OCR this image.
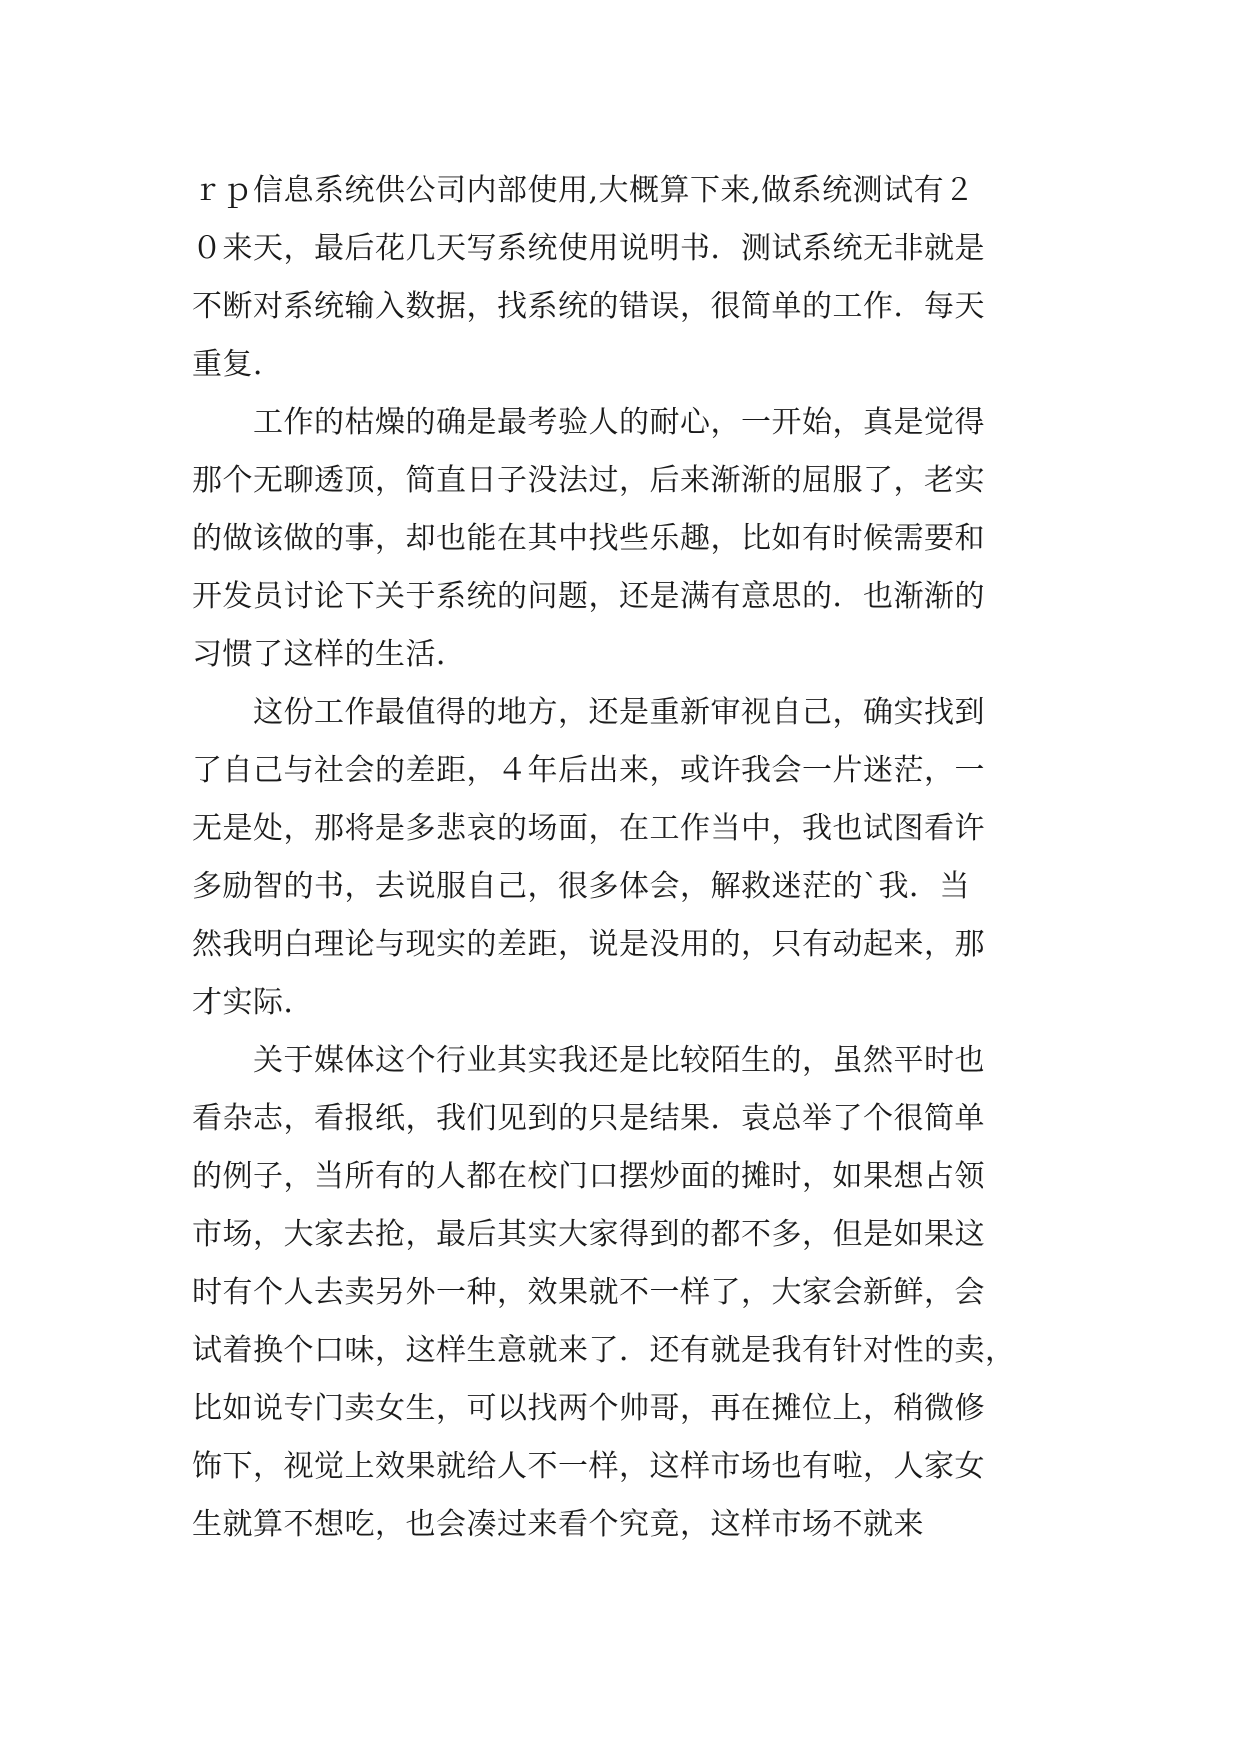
ｒｐ信息系统供公司内部使用,大概算下来,做系统测试有２
０来天，最后花几天写系统使用说明书．测试系统无非就是
不断对系统输入数据，找系统的错误，很简单的工作．每天
重复．
　　工作的枯燥的确是最考验人的耐心，一开始，真是觉得
那个无聊透顶，简直日子没法过，后来渐渐的屈服了，老实
的做该做的事，却也能在其中找些乐趣，比如有时候需要和
开发员讨论下关于系统的问题，还是满有意思的．也渐渐的
习惯了这样的生活．
　　这份工作最值得的地方，还是重新审视自己，确实找到
了自己与社会的差距，４年后出来，或许我会一片迷茫，一
无是处，那将是多悲哀的场面，在工作当中，我也试图看许
多励智的书，去说服自己，很多体会，解救迷茫的`我．当
然我明白理论与现实的差距，说是没用的，只有动起来，那
才实际．
　　关于媒体这个行业其实我还是比较陌生的，虽然平时也
看杂志，看报纸，我们见到的只是结果．袁总举了个很简单
的例子，当所有的人都在校门口摆炒面的摊时，如果想占领
市场，大家去抢，最后其实大家得到的都不多，但是如果这
时有个人去卖另外一种，效果就不一样了，大家会新鲜，会
试着换个口味，这样生意就来了．还有就是我有针对性的卖，
比如说专门卖女生，可以找两个帅哥，再在摊位上，稍微修
饰下，视觉上效果就给人不一样，这样市场也有啦，人家女
生就算不想吃，也会凑过来看个究竟，这样市场不就来
